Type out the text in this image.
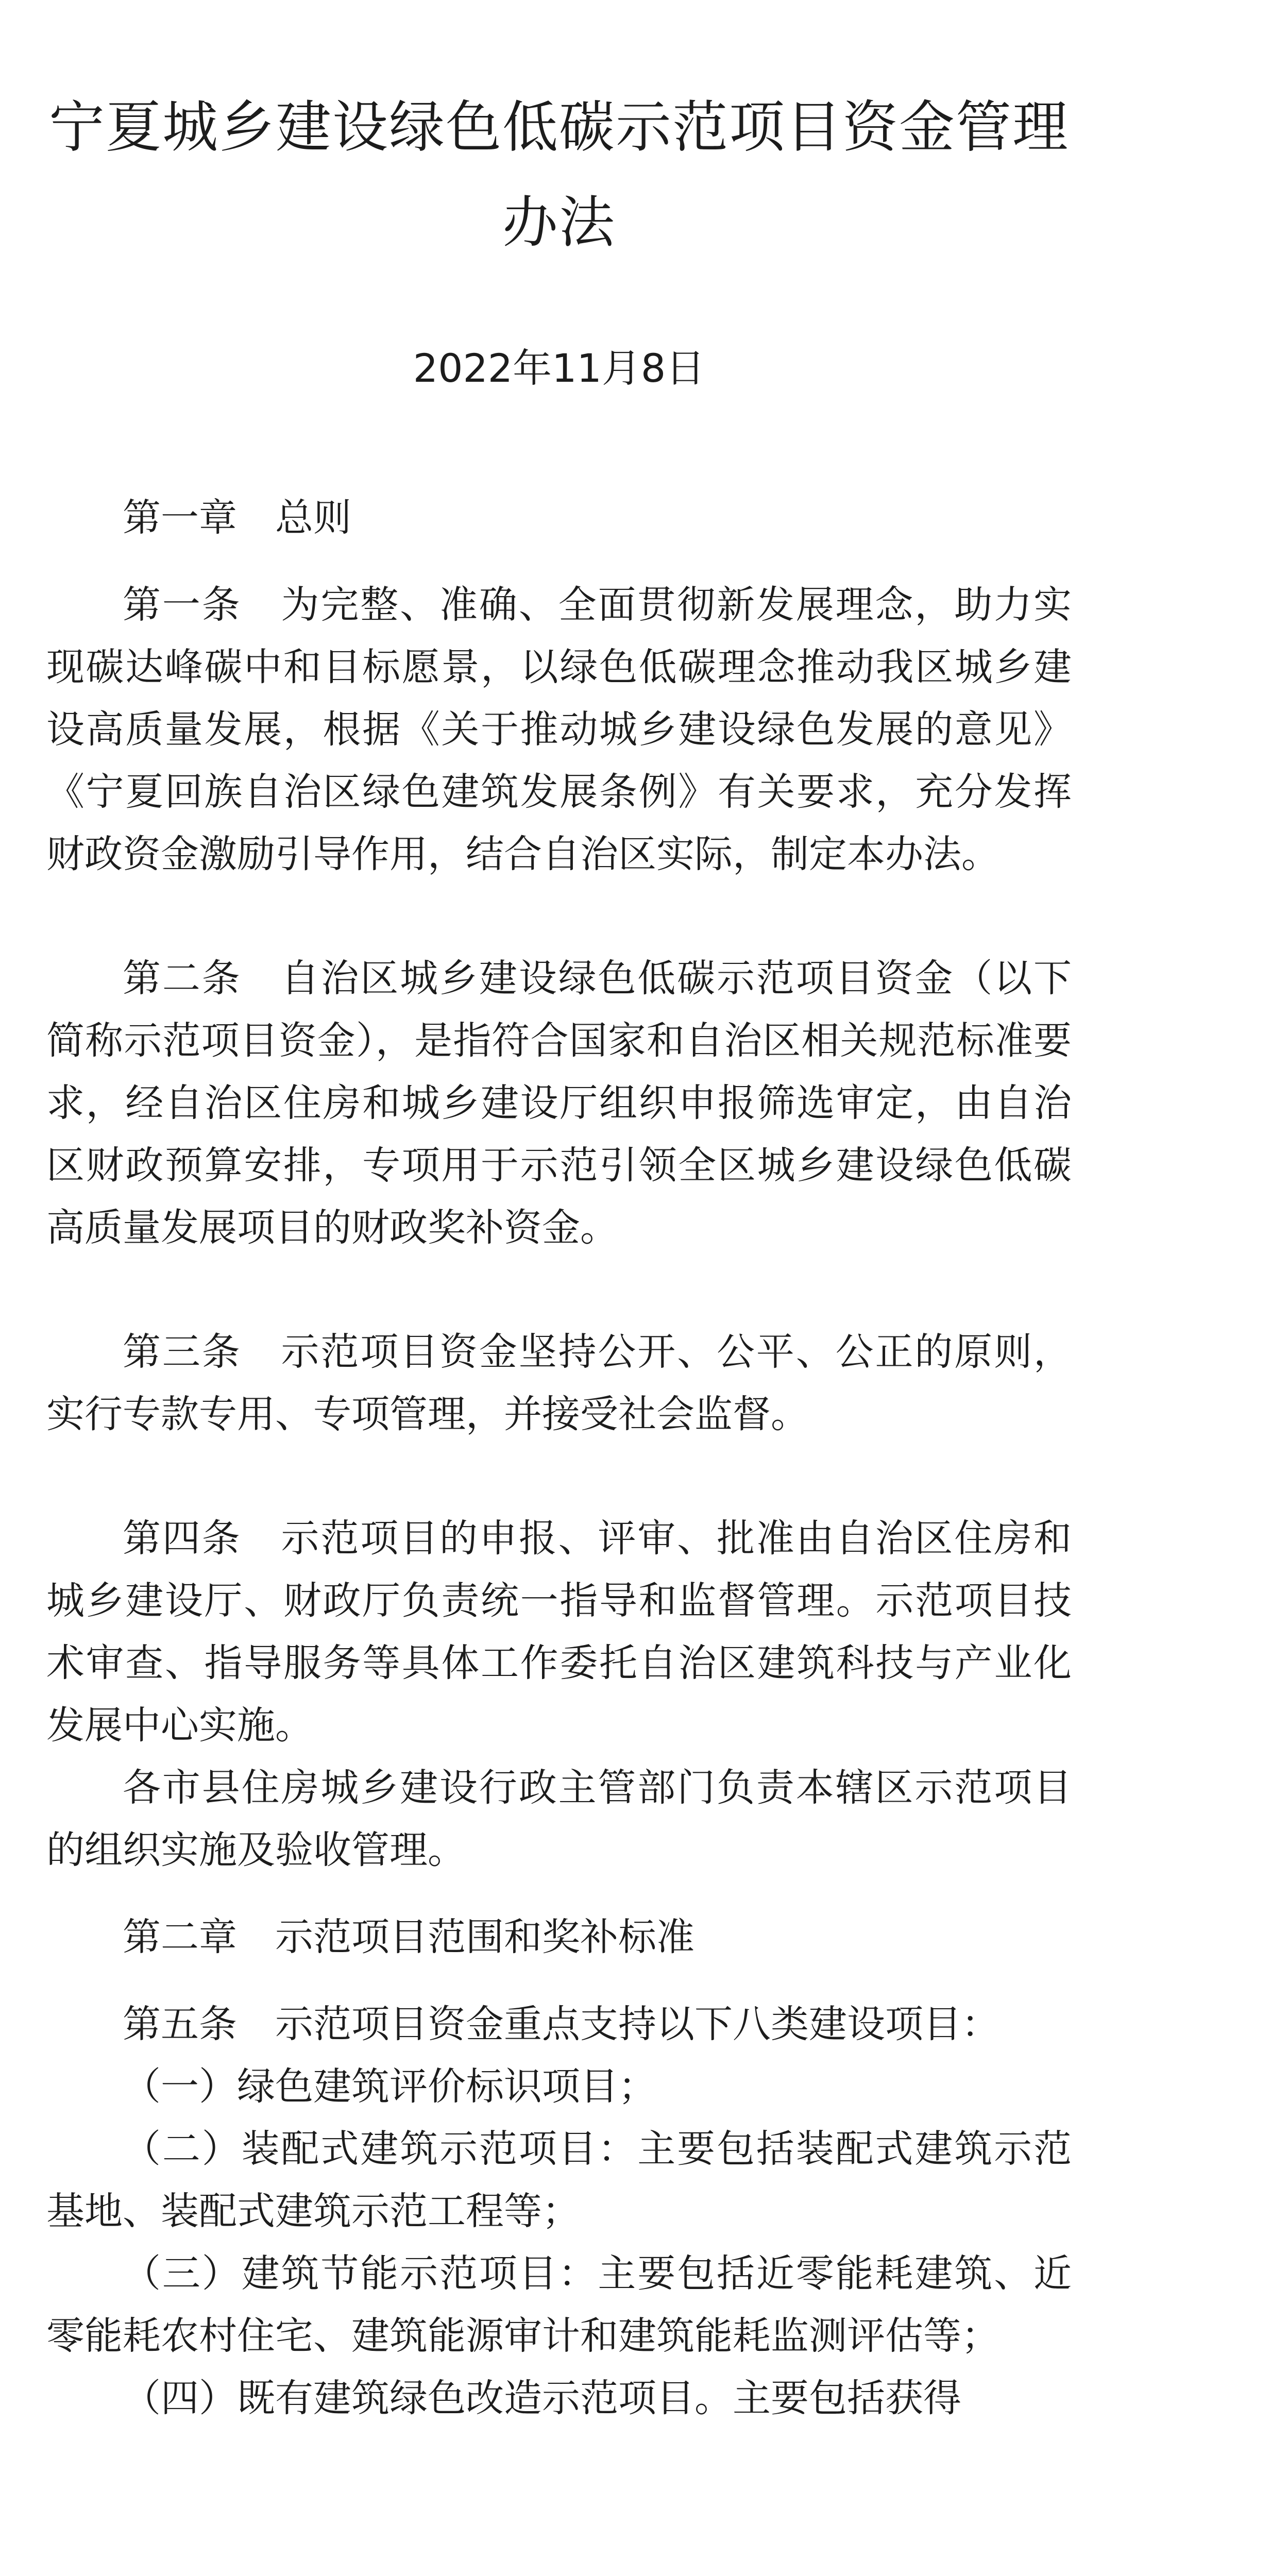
宁夏城乡建设绿色低碳示范项目资金管理办法
2022年11月8日

第一章　总则

第一条　为完整、准确、全面贯彻新发展理念，助力实现碳达峰碳中和目标愿景，以绿色低碳理念推动我区城乡建设高质量发展，根据《关于推动城乡建设绿色发展的意见》《宁夏回族自治区绿色建筑发展条例》有关要求，充分发挥财政资金激励引导作用，结合自治区实际，制定本办法。

第二条　自治区城乡建设绿色低碳示范项目资金（以下简称示范项目资金），是指符合国家和自治区相关规范标准要求，经自治区住房和城乡建设厅组织申报筛选审定，由自治区财政预算安排，专项用于示范引领全区城乡建设绿色低碳高质量发展项目的财政奖补资金。

第三条　示范项目资金坚持公开、公平、公正的原则，实行专款专用、专项管理，并接受社会监督。

第四条　示范项目的申报、评审、批准由自治区住房和城乡建设厅、财政厅负责统一指导和监督管理。示范项目技术审查、指导服务等具体工作委托自治区建筑科技与产业化发展中心实施。

各市县住房城乡建设行政主管部门负责本辖区示范项目的组织实施及验收管理。

第二章　示范项目范围和奖补标准

第五条　示范项目资金重点支持以下八类建设项目：

（一）绿色建筑评价标识项目；

（二）装配式建筑示范项目：主要包括装配式建筑示范基地、装配式建筑示范工程等；

（三）建筑节能示范项目：主要包括近零能耗建筑、近零能耗农村住宅、建筑能源审计和建筑能耗监测评估等；

（四）既有建筑绿色改造示范项目。主要包括获得
